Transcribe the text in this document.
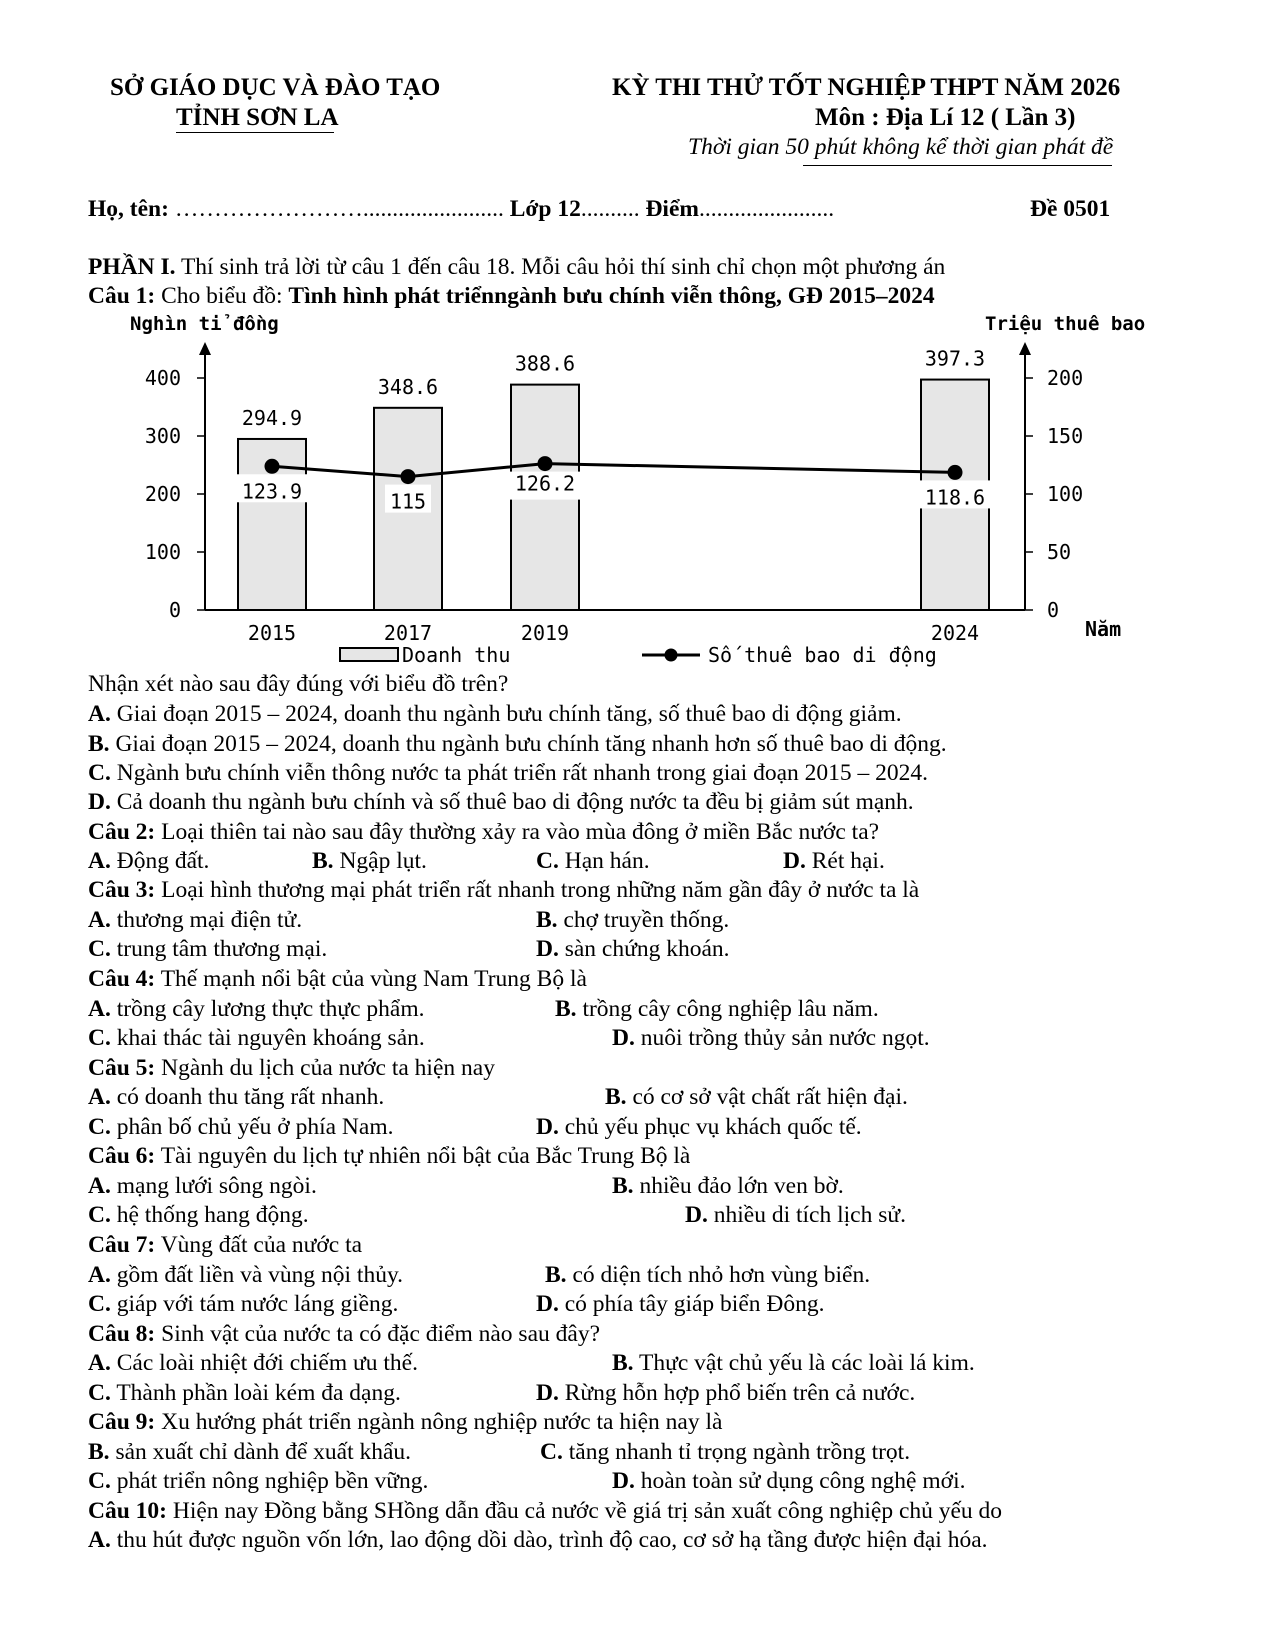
SỞ GIÁO DỤC VÀ ĐÀO TẠO
TỈNH SƠN LA
KỲ THI THỬ TỐT NGHIỆP THPT NĂM 2026
Môn : Địa Lí 12 ( Lần 3)
Thời gian 50 phút không kể thời gian phát đề
Họ, tên: ……………………........................ Lớp 12.......... Điểm.......................	Đề 0501
PHẦN I. Thí sinh trả lời từ câu 1 đến câu 18. Mỗi câu hỏi thí sinh chỉ chọn một phương án
Câu 1: Cho biểu đồ: Tình hình phát triểnngành bưu chính viễn thông, GĐ 2015–2024
Nghìn tỉ đồng	Triệu thuê bao
Năm
0
100
200
300
400
0
50
100
150
200
294.9
2015
348.6
2017
388.6
2019
397.3
2024
123.9	115
126.2
118.6
Doanh thu	Số thuê bao di động
Nhận xét nào sau đây đúng với biểu đồ trên?
A. Giai đoạn 2015 – 2024, doanh thu ngành bưu chính tăng, số thuê bao di động giảm.
B. Giai đoạn 2015 – 2024, doanh thu ngành bưu chính tăng nhanh hơn số thuê bao di động.
C. Ngành bưu chính viễn thông nước ta phát triển rất nhanh trong giai đoạn 2015 – 2024.
D. Cả doanh thu ngành bưu chính và số thuê bao di động nước ta đều bị giảm sút mạnh.
Câu 2: Loại thiên tai nào sau đây thường xảy ra vào mùa đông ở miền Bắc nước ta?
A. Động đất.	B. Ngập lụt.	C. Hạn hán.	D. Rét hại.
Câu 3: Loại hình thương mại phát triển rất nhanh trong những năm gần đây ở nước ta là
A. thương mại điện tử.	B. chợ truyền thống.
C. trung tâm thương mại.	D. sàn chứng khoán.
Câu 4: Thế mạnh nổi bật của vùng Nam Trung Bộ là
A. trồng cây lương thực thực phẩm.	B. trồng cây công nghiệp lâu năm.
C. khai thác tài nguyên khoáng sản.	D. nuôi trồng thủy sản nước ngọt.
Câu 5: Ngành du lịch của nước ta hiện nay
A. có doanh thu tăng rất nhanh.	B. có cơ sở vật chất rất hiện đại.
C. phân bố chủ yếu ở phía Nam.	D. chủ yếu phục vụ khách quốc tế.
Câu 6: Tài nguyên du lịch tự nhiên nổi bật của Bắc Trung Bộ là
A. mạng lưới sông ngòi.	B. nhiều đảo lớn ven bờ.
C. hệ thống hang động.	D. nhiều di tích lịch sử.
Câu 7: Vùng đất của nước ta
A. gồm đất liền và vùng nội thủy.	B. có diện tích nhỏ hơn vùng biển.
C. giáp với tám nước láng giềng.	D. có phía tây giáp biển Đông.
Câu 8: Sinh vật của nước ta có đặc điểm nào sau đây?
A. Các loài nhiệt đới chiếm ưu thế.	B. Thực vật chủ yếu là các loài lá kim.
C. Thành phần loài kém đa dạng.	D. Rừng hỗn hợp phổ biến trên cả nước.
Câu 9: Xu hướng phát triển ngành nông nghiệp nước ta hiện nay là
B. sản xuất chỉ dành để xuất khẩu.	C. tăng nhanh tỉ trọng ngành trồng trọt.
C. phát triển nông nghiệp bền vững.	D. hoàn toàn sử dụng công nghệ mới.
Câu 10: Hiện nay Đồng bằng SHồng dẫn đầu cả nước về giá trị sản xuất công nghiệp chủ yếu do
A. thu hút được nguồn vốn lớn, lao động dồi dào, trình độ cao, cơ sở hạ tầng được hiện đại hóa.
